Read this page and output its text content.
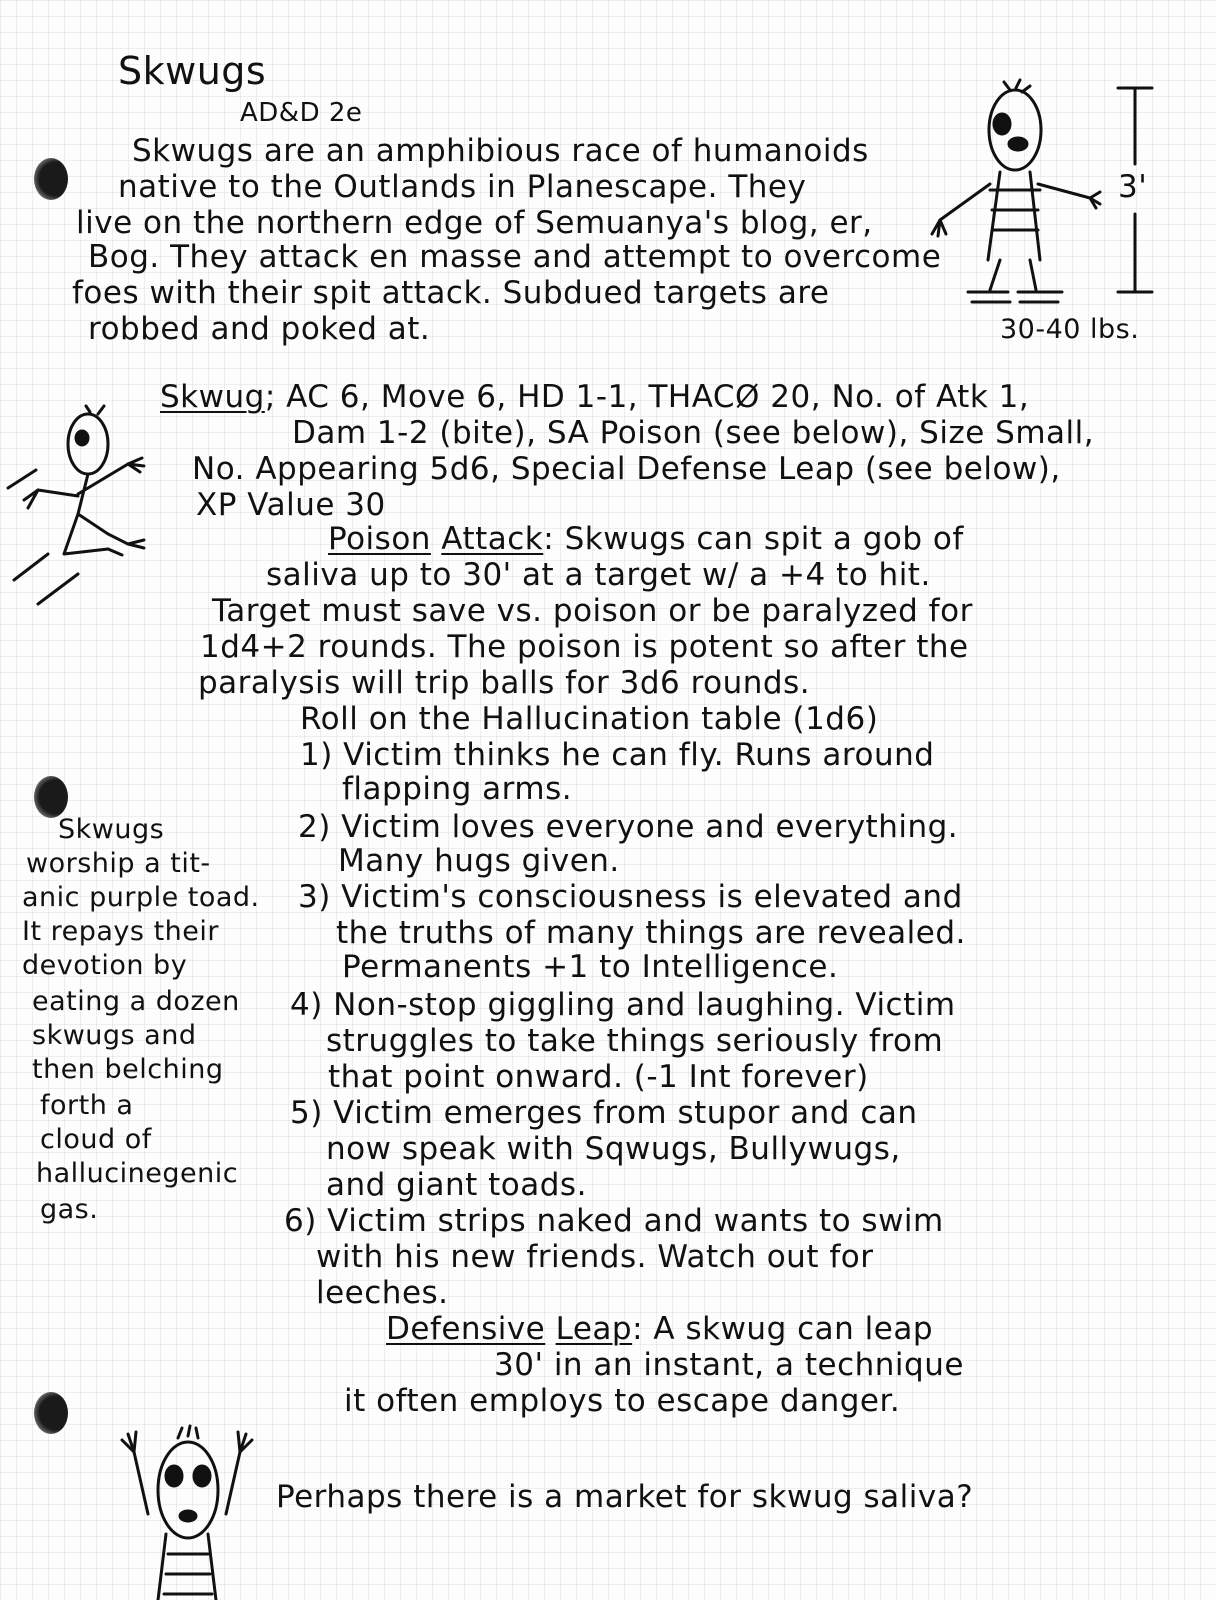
Skwugs
AD&D 2e
Skwugs are an amphibious race of humanoids
native to the Outlands in Planescape. They
live on the northern edge of Semuanya's blog, er,
Bog. They attack en masse and attempt to overcome
foes with their spit attack. Subdued targets are
robbed and poked at.
3'
30-40 lbs.
Skwug; AC 6, Move 6, HD 1-1, THACØ 20, No. of Atk 1,
Dam 1-2 (bite), SA Poison (see below), Size Small,
No. Appearing 5d6, Special Defense Leap (see below),
XP Value 30
Poison Attack: Skwugs can spit a gob of
saliva up to 30' at a target w/ a +4 to hit.
Target must save vs. poison or be paralyzed for
1d4+2 rounds. The poison is potent so after the
paralysis will trip balls for 3d6 rounds.
Roll on the Hallucination table (1d6)
1) Victim thinks he can fly. Runs around
flapping arms.
2) Victim loves everyone and everything.
Many hugs given.
3) Victim's consciousness is elevated and
the truths of many things are revealed.
Permanents +1 to Intelligence.
4) Non-stop giggling and laughing. Victim
struggles to take things seriously from
that point onward. (-1 Int forever)
5) Victim emerges from stupor and can
now speak with Sqwugs, Bullywugs,
and giant toads.
6) Victim strips naked and wants to swim
with his new friends. Watch out for
leeches.
Skwugs
worship a tit-
anic purple toad.
It repays their
devotion by
eating a dozen
skwugs and
then belching
forth a
cloud of
hallucinegenic
gas.
Defensive Leap: A skwug can leap
30' in an instant, a technique
it often employs to escape danger.
Perhaps there is a market for skwug saliva?
